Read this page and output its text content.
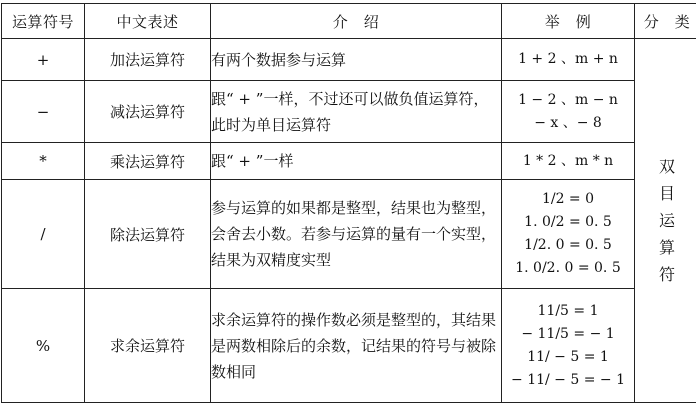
运算符号	中文表述	介　绍	举　例	分　类
+	加法运算符	有两个数据参与运算	1 + 2 、m + n	双目运算符
−	减法运算符	跟“ + ”一样，不过还可以做负值运算符，此时为单目运算符	1 − 2 、m − n
− x 、− 8	

*	乘法运算符	跟“ + ”一样	1 * 2 、m * n	

/	除法运算符	参与运算的如果都是整型，结果也为整型，会舍去小数。若参与运算的量有一个实型，结果为双精度实型	1/2 = 0
1. 0/2 = 0. 5
1/2. 0 = 0. 5
1. 0/2. 0 = 0. 5	

%	求余运算符	求余运算符的操作数必须是整型的，其结果是两数相除后的余数，记结果的符号与被除数相同	11/5 = 1
− 11/5 = − 1
11/ − 5 = 1
− 11/ − 5 = − 1	
